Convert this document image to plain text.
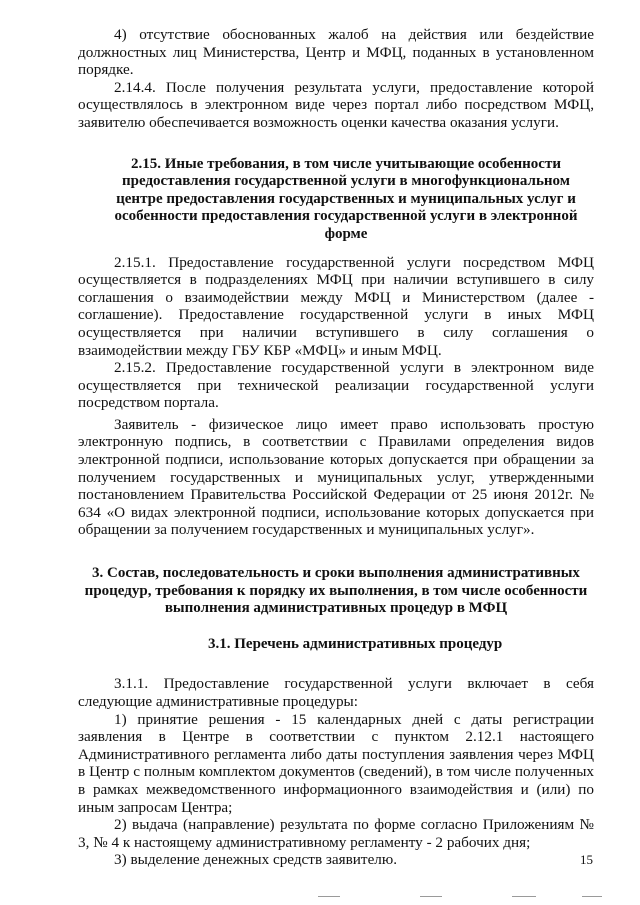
4) отсутствие обоснованных жалоб на действия или бездействие должностных лиц Министерства, Центр и МФЦ, поданных в установленном порядке.

2.14.4. После получения результата услуги, предоставление которой осуществлялось в электронном виде через портал либо посредством МФЦ, заявителю обеспечивается возможность оценки качества оказания услуги.

2.15. Иные требования, в том числе учитывающие особенности предоставления государственной услуги в многофункциональном центре предоставления государственных и муниципальных услуг и особенности предоставления государственной услуги в электронной форме

2.15.1. Предоставление государственной услуги посредством МФЦ осуществляется в подразделениях МФЦ при наличии вступившего в силу соглашения о взаимодействии между МФЦ и Министерством (далее - соглашение). Предоставление государственной услуги в иных МФЦ осуществляется при наличии вступившего в силу соглашения о взаимодействии между ГБУ КБР «МФЦ» и иным МФЦ.

2.15.2. Предоставление государственной услуги в электронном виде осуществляется при технической реализации государственной услуги посредством портала.

Заявитель - физическое лицо имеет право использовать простую электронную подпись, в соответствии с Правилами определения видов электронной подписи, использование которых допускается при обращении за получением государственных и муниципальных услуг, утвержденными постановлением Правительства Российской Федерации от 25 июня 2012г. № 634 «О видах электронной подписи, использование которых допускается при обращении за получением государственных и муниципальных услуг».

3. Состав, последовательность и сроки выполнения административных процедур, требования к порядку их выполнения, в том числе особенности выполнения административных процедур в МФЦ

3.1. Перечень административных процедур

3.1.1. Предоставление государственной услуги включает в себя следующие административные процедуры:

1) принятие решения - 15 календарных дней с даты регистрации заявления в Центре в соответствии с пунктом 2.12.1 настоящего Административного регламента либо даты поступления заявления через МФЦ в Центр с полным комплектом документов (сведений), в том числе полученных в рамках межведомственного информационного взаимодействия и (или) по иным запросам Центра;

2) выдача (направление) результата по форме согласно Приложениям № 3, № 4 к настоящему административному регламенту - 2 рабочих дня;

3) выделение денежных средств заявителю.	15
